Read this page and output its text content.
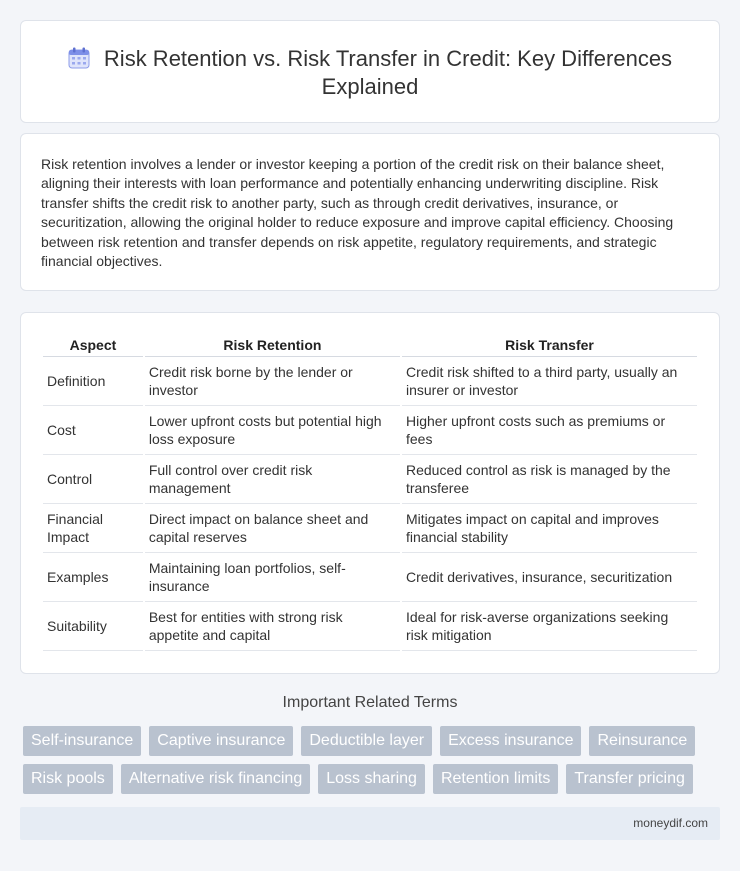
Risk Retention vs. Risk Transfer in Credit: Key Differences Explained

Risk retention involves a lender or investor keeping a portion of the credit risk on their balance sheet, aligning their interests with loan performance and potentially enhancing underwriting discipline. Risk transfer shifts the credit risk to another party, such as through credit derivatives, insurance, or securitization, allowing the original holder to reduce exposure and improve capital efficiency. Choosing between risk retention and transfer depends on risk appetite, regulatory requirements, and strategic financial objectives.

Aspect	Risk Retention	Risk Transfer
Definition	Credit risk borne by the lender or investor	Credit risk shifted to a third party, usually an insurer or investor
Cost	Lower upfront costs but potential high loss exposure	Higher upfront costs such as premiums or fees
Control	Full control over credit risk management	Reduced control as risk is managed by the transferee
Financial Impact	Direct impact on balance sheet and capital reserves	Mitigates impact on capital and improves financial stability
Examples	Maintaining loan portfolios, self-insurance	Credit derivatives, insurance, securitization
Suitability	Best for entities with strong risk appetite and capital	Ideal for risk-averse organizations seeking risk mitigation
Important Related Terms
Self-insurance	Captive insurance	Deductible layer	Excess insurance	Reinsurance
Risk pools	Alternative risk financing	Loss sharing	Retention limits	Transfer pricing
moneydif.com
